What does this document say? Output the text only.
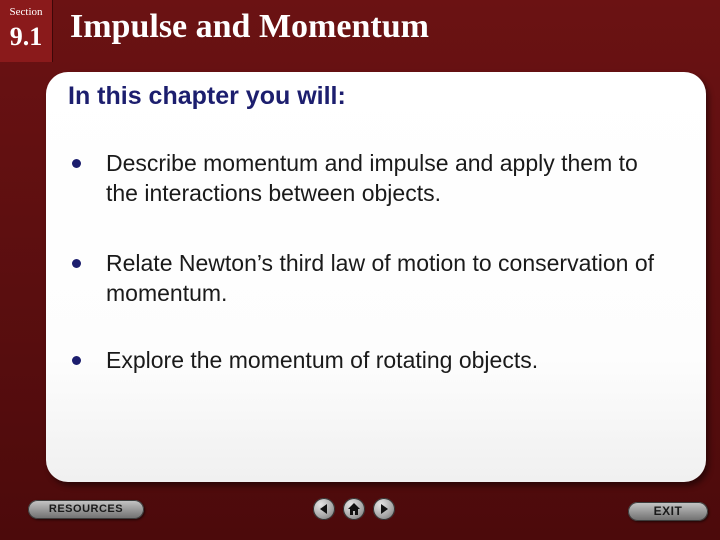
Section
9.1 Impulse and Momentum
In this chapter you will:
Describe momentum and impulse and apply them to the interactions between objects.
Relate Newton’s third law of motion to conservation of momentum.
Explore the momentum of rotating objects.
RESOURCES	EXIT
